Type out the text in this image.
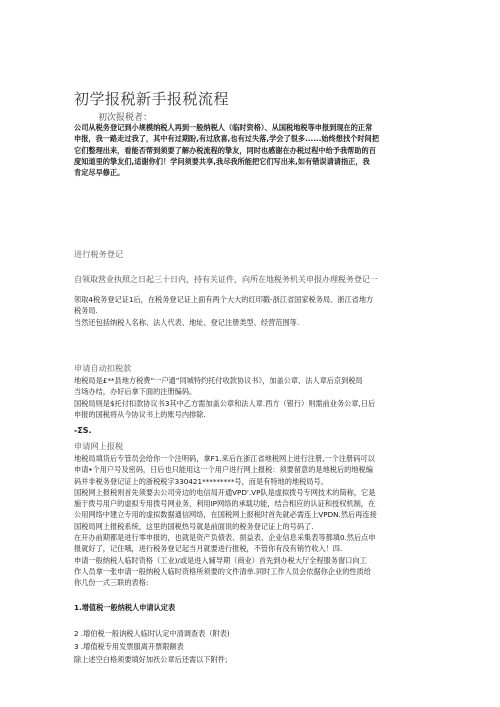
初学报税新手报税流程
初次报税者：

公司从税务登记到小规模纳税人再到一般纳税人（临时资格）、从国税地税等申报到现在的正常

申报，我一路走过我了，其中有过期盼,有过欣喜,也有过失落,学会了很多......始终想找个时间把

它们整理出来，看能否帮到须要了解办税流程的挚友，同时也感谢在办税过程中给予我帮助的百

度知道里的挚友们,适谢你们！学问须要共享,我尽我所能把它们写出来,如有错误请请指正，我

肯定尽早修正。

进行税务登记
自领取营业执照之日起三十日内，持有关证件，向所在地税务机关申报办理税务登记一

领取4税务登记证1后，在税务登记证上面有两个大大的红印戳-浙江省国家税务局、浙江省地方

税务局.

当然还包括纳税人名称、法人代表、地址、登记注册类型、经营范围等.

申请自动扣税款

地税局是£**县地方税费“一户通”同城特约托付收款协议书》，加盖公章、法人章后京到税局

当场办结，办好后拿下面的注册编码。

国税局则是$托付扣款协议书3其中乙方需加盖公章和法人章.西方（银行）则需前业务公章,日后

申报的国税将从今协议书上的账号内排除.

-ΣS.
申请网上报税

地税局填货后专管员会给你一个注明码，拿F1.来后在浙江省地税网上进行注册,一个注册码可以

申请•个用户号及密码，日后也只能用这一个用户进行网上报税：须要留意的是地税后的地税编

码并非税务登记证上的浙税税字330421*********号，而是有特地的地税局号。

国税网上报税则首先须要去公司旁边的电信局开通VPD'.VP队是虚拟拨号专网技术的简称，它是

施于拨号用户的虚拟专用拨号网业务，利用IP网络的承载功能，结合相应的认证和授权机制，在

公用网络中建立专用的虚拟数据通信网络，在国税网上报税时首先就必需连上VPDN.然后再连接

国税局网上报税系统，这里的国税热号就是前面说的税务登记证上的号码了.

在开办前期都是进行零申报的，也就是资产负债表、损益表、企业信息采集表等都填0.然后点申

报就好了，记住哦，进行税务登记起当月就要进行报税，不管你有没有销竹收入！四.

申请一般纳税人临时资格（工业)/或是进入辅导期（商业）首先到办税大厅全程服务窗口向工

作人员拿一张申请一般纳税人临时资格所须要的文件清单.同时工作人员会依据你企业的性质给

你几份一式三联的表格:

1.增值税一般纳税人申请认定表
2 .增伯税一般讷税人临时认定中清调查表（附表)
3 .增值税专用发票服离开票限额表
除上述空白格须要填好加祆公章后还需以下附件;
